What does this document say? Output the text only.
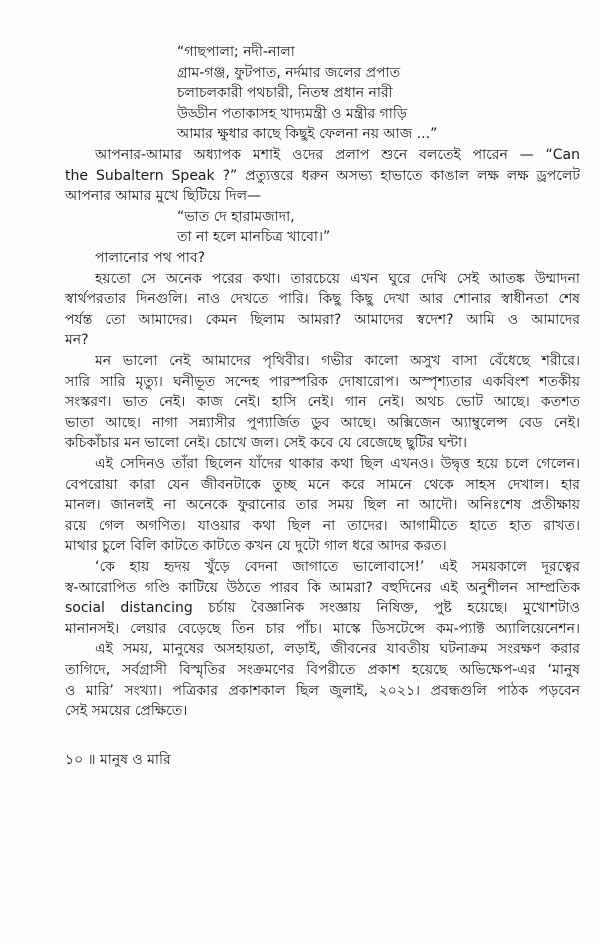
“গাছপালা; নদী-নালা
গ্রাম-গঞ্জ, ফুটপাত, নর্দমার জলের প্রপাত
চলাচলকারী পথচারী, নিতম্ব প্রধান নারী
উড্ডীন পতাকাসহ খাদ্যমন্ত্রী ও মন্ত্রীর গাড়ি
আমার ক্ষুধার কাছে কিছুই ফেলনা নয় আজ ...”
আপনার-আমার অধ্যাপক মশাই ওদের প্রলাপ শুনে বলতেই পারেন — “Can
the Subaltern Speak ?” প্রত্যুত্তরে ধরুন অসভ্য হাভাতে কাঙাল লক্ষ লক্ষ ড্রপলেট
আপনার আমার মুখে ছিটিয়ে দিল—
“ভাত দে হারামজাদা,
তা না হলে মানচিত্র খাবো।”
পালানোর পথ পাব?
হয়তো সে অনেক পরের কথা। তারচেয়ে এখন ঘুরে দেখি সেই আতঙ্ক উম্মাদনা
স্বার্থপরতার দিনগুলি। নাও দেখতে পারি। কিছু কিছু দেখা আর শোনার স্বাধীনতা শেষ
পর্যন্ত তো আমাদের। কেমন ছিলাম আমরা? আমাদের স্বদেশ? আমি ও আমাদের
মন?
মন ভালো নেই আমাদের পৃথিবীর। গভীর কালো অসুখ বাসা বেঁধেছে শরীরে।
সারি সারি মৃত্যু। ঘনীভূত সন্দেহ পারস্পরিক দোষারোপ। অস্পৃশ্যতার একবিংশ শতকীয়
সংস্করণ। ভাত নেই। কাজ নেই। হাসি নেই। গান নেই। অথচ ভোট আছে। কতশত
ভাতা আছে। নাগা সন্ন্যাসীর পুণ্যার্জিত ডুব আছে। অক্সিজেন অ্যাম্বুলেন্স বেড নেই।
কচিকাঁচার মন ভালো নেই। চোখে জল। সেই কবে যে বেজেছে ছুটির ঘন্টা।
এই সেদিনও তাঁরা ছিলেন যাঁদের থাকার কথা ছিল এখনও। উদ্বৃত্ত হয়ে চলে গেলেন।
বেপরোয়া কারা যেন জীবনটাকে তুচ্ছ মনে করে সামনে থেকে সাহস দেখাল। হার
মানল। জানলই না অনেকে ফুরানোর তার সময় ছিল না আদৌ। অনিঃশেষ প্রতীক্ষায়
রয়ে গেল অগণিত। যাওয়ার কথা ছিল না তাদের। আগামীতে হাতে হাত রাখত।
মাথার চুলে বিলি কাটতে কাটতে কখন যে দুটো গাল ধরে আদর করত।
‘কে হায় হৃদয় খুঁড়ে বেদনা জাগাতে ভালোবাসে!’ এই সময়কালে দূরত্বের
স্ব-আরোপিত গণ্ডি কাটিয়ে উঠতে পারব কি আমরা? বহুদিনের এই অনুশীলন সাম্প্রতিক
social distancing চর্চায় বৈজ্ঞানিক সংজ্ঞায় নিষিক্ত, পুষ্ট হয়েছে। মুখোশটাও
মানানসই। লেয়ার বেড়েছে তিন চার পাঁচ। মাস্কে ডিসটেন্সে কম-প্যাক্ট অ্যালিয়েনেশন।
এই সময়, মানুষের অসহায়তা, লড়াই, জীবনের যাবতীয় ঘটনাক্রম সংরক্ষণ করার
তাগিদে, সর্বগ্রাসী বিস্মৃতির সংক্রমণের বিপরীতে প্রকাশ হয়েছে অভিক্ষেপ-এর ‘মানুষ
ও মারি’ সংখ্যা। পত্রিকার প্রকাশকাল ছিল জুলাই, ২০২১। প্রবন্ধগুলি পাঠক পড়বেন
সেই সময়ের প্রেক্ষিতে।
১০ ॥ মানুষ ও মারি
